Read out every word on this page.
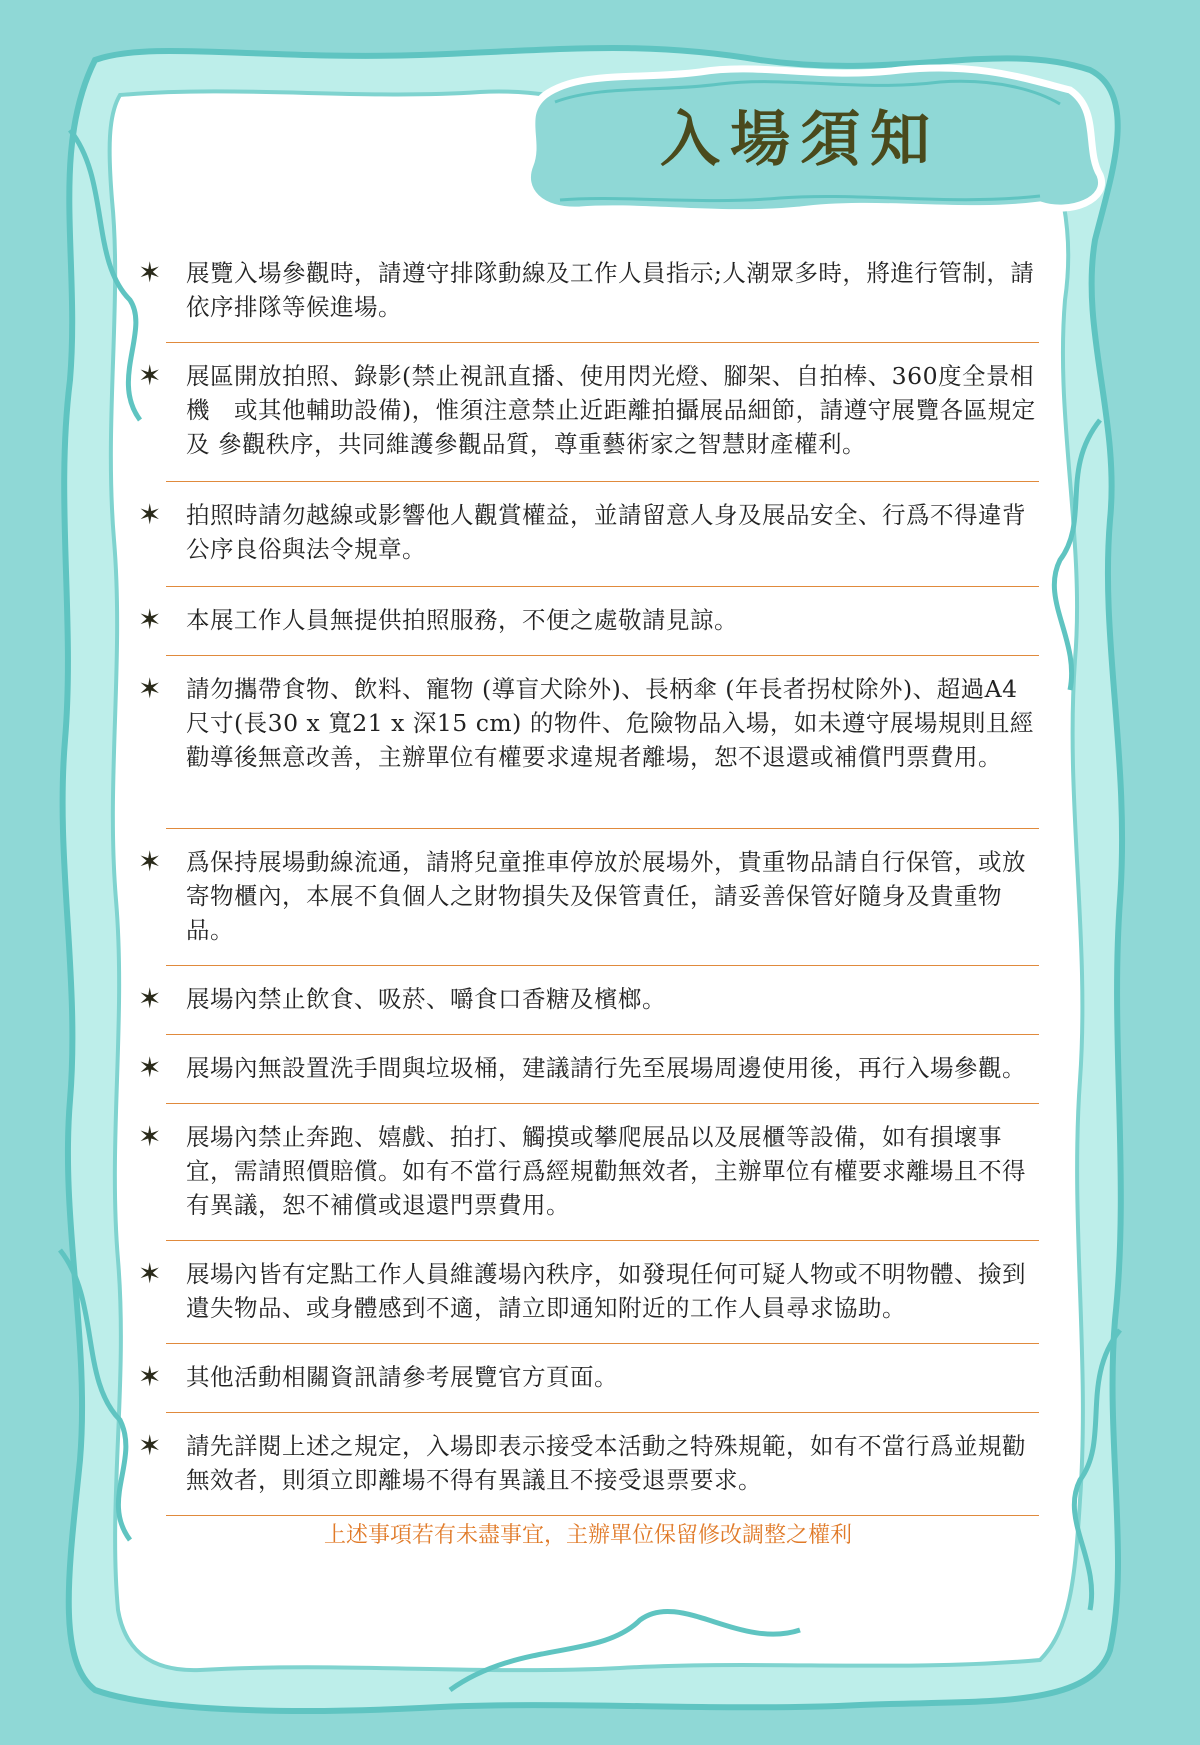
入場須知
✶ 展覽入場參觀時，請遵守排隊動線及工作人員指示;人潮眾多時，將進行管制，請 依序排隊等候進場。
✶ 展區開放拍照、錄影(禁止視訊直播、使用閃光燈、腳架、自拍棒、360度全景相機　或其他輔助設備)，惟須注意禁止近距離拍攝展品細節，請遵守展覽各區規定及 參觀秩序，共同維護參觀品質，尊重藝術家之智慧財產權利。
✶ 拍照時請勿越線或影響他人觀賞權益，並請留意人身及展品安全、行爲不得違背公序良俗與法令規章。
✶ 本展工作人員無提供拍照服務，不便之處敬請見諒。
✶ 請勿攜帶食物、飲料、寵物 (導盲犬除外)、長柄傘 (年長者拐杖除外)、超過A4尺寸(長30 x 寬21 x 深15 cm) 的物件、危險物品入場，如未遵守展場規則且經勸導後無意改善，主辦單位有權要求違規者離場，恕不退還或補償門票費用。
✶ 爲保持展場動線流通，請將兒童推車停放於展場外，貴重物品請自行保管，或放寄物櫃內，本展不負個人之財物損失及保管責任，請妥善保管好隨身及貴重物品。
✶ 展場內禁止飲食、吸菸、嚼食口香糖及檳榔。
✶ 展場內無設置洗手間與垃圾桶，建議請行先至展場周邊使用後，再行入場參觀。
✶ 展場內禁止奔跑、嬉戲、拍打、觸摸或攀爬展品以及展櫃等設備，如有損壞事宜，需請照價賠償。如有不當行爲經規勸無效者，主辦單位有權要求離場且不得有異議，恕不補償或退還門票費用。
✶ 展場內皆有定點工作人員維護場內秩序，如發現任何可疑人物或不明物體、撿到遺失物品、或身體感到不適，請立即通知附近的工作人員尋求協助。
✶ 其他活動相關資訊請參考展覽官方頁面。
✶ 請先詳閱上述之規定，入場即表示接受本活動之特殊規範，如有不當行爲並規勸無效者，則須立即離場不得有異議且不接受退票要求。
上述事項若有未盡事宜，主辦單位保留修改調整之權利
